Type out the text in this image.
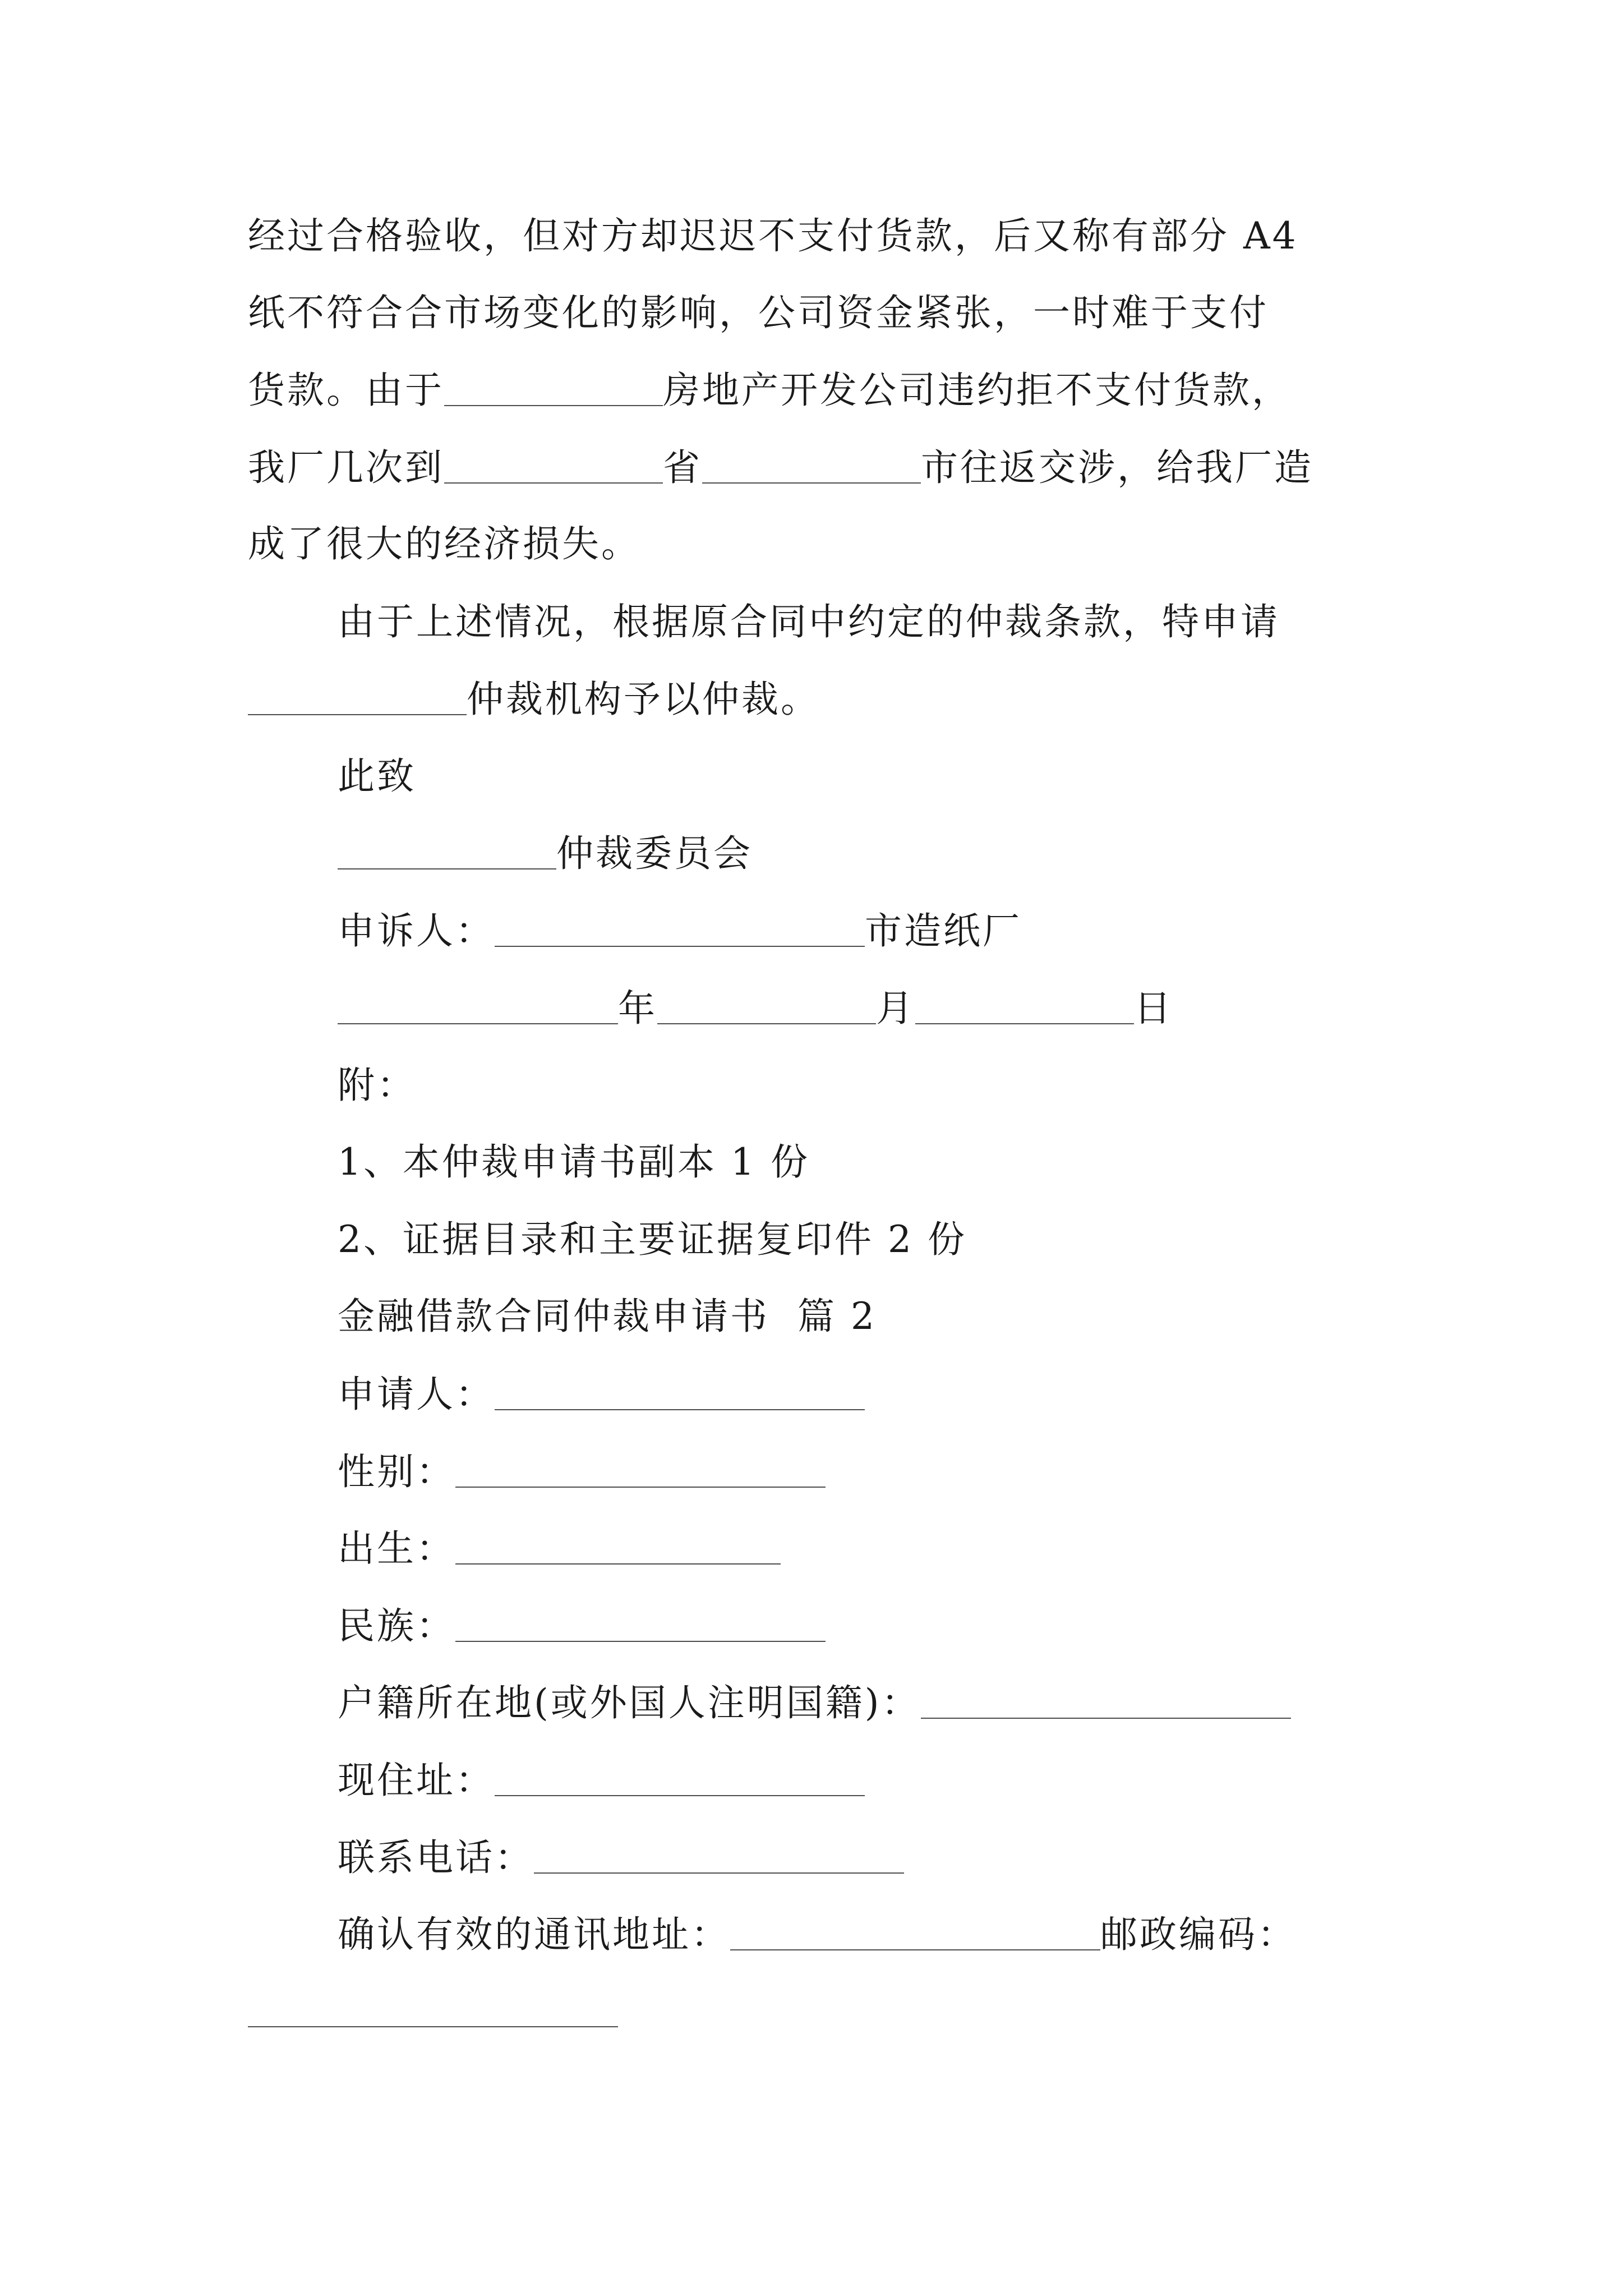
经过合格验收，但对方却迟迟不支付货款，后又称有部分 A4
纸不符合合市场变化的影响，公司资金紧张，一时难于支付
货款。由于	房地产开发公司违约拒不支付货款，
我厂几次到	省	市往返交涉，给我厂造
成了很大的经济损失。
由于上述情况，根据原合同中约定的仲裁条款，特申请
仲裁机构予以仲裁。
此致
仲裁委员会
申诉人：	市造纸厂
年	月	日
附：
1、本仲裁申请书副本 1 份
2、证据目录和主要证据复印件 2 份
金融借款合同仲裁申请书  篇 2
申请人：
性别：
出生：
民族：
户籍所在地(或外国人注明国籍)：
现住址：
联系电话：
确认有效的通讯地址：	邮政编码：
